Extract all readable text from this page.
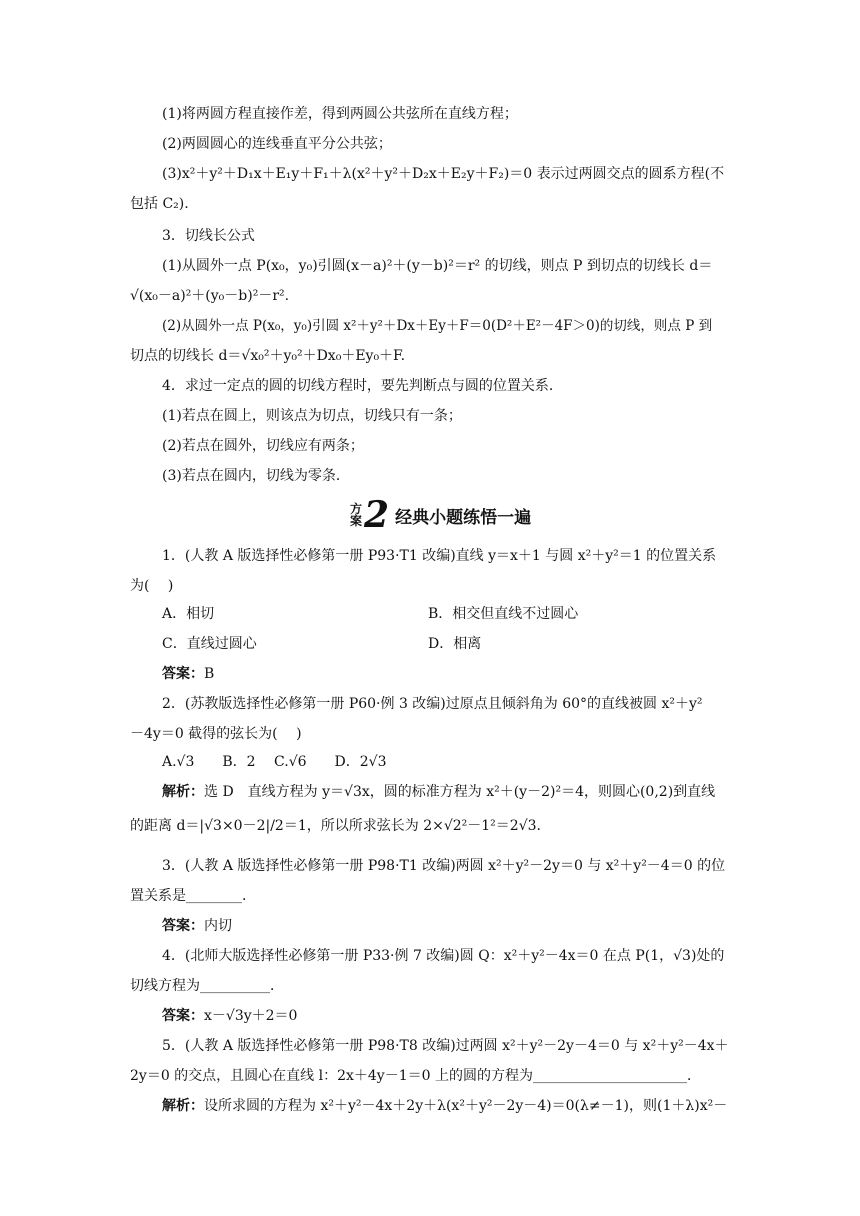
(1)将两圆方程直接作差，得到两圆公共弦所在直线方程；
(2)两圆圆心的连线垂直平分公共弦；
(3)x²＋y²＋D₁x＋E₁y＋F₁＋λ(x²＋y²＋D₂x＋E₂y＋F₂)＝0 表示过两圆交点的圆系方程(不
包括 C₂).
3．切线长公式
(1)从圆外一点 P(x₀，y₀)引圆(x－a)²＋(y－b)²＝r² 的切线，则点 P 到切点的切线长 d＝
√(x₀－a)²＋(y₀－b)²－r².
(2)从圆外一点 P(x₀，y₀)引圆 x²＋y²＋Dx＋Ey＋F＝0(D²＋E²－4F＞0)的切线，则点 P 到
切点的切线长 d＝√x₀²＋y₀²＋Dx₀＋Ey₀＋F.
4．求过一定点的圆的切线方程时，要先判断点与圆的位置关系．
(1)若点在圆上，则该点为切点，切线只有一条；
(2)若点在圆外，切线应有两条；
(3)若点在圆内，切线为零条．
方
案 2 经典小题练悟一遍
1．(人教 A 版选择性必修第一册 P93·T1 改编)直线 y＝x＋1 与圆 x²＋y²＝1 的位置关系
为(　 )
A．相切	B．相交但直线不过圆心
C．直线过圆心	D．相离
答案：B
2．(苏教版选择性必修第一册 P60·例 3 改编)过原点且倾斜角为 60°的直线被圆 x²＋y²
－4y＝0 截得的弦长为(　 )
A.√3　　B．2　 C.√6　　D．2√3
解析：选 D　直线方程为 y＝√3x，圆的标准方程为 x²＋(y－2)²＝4，则圆心(0,2)到直线
的距离 d＝|√3×0－2|/2＝1，所以所求弦长为 2×√2²－1²＝2√3.
3．(人教 A 版选择性必修第一册 P98·T1 改编)两圆 x²＋y²－2y＝0 与 x²＋y²－4＝0 的位
置关系是________．
答案：内切
4．(北师大版选择性必修第一册 P33·例 7 改编)圆 Q：x²＋y²－4x＝0 在点 P(1，√3)处的
切线方程为__________．
答案：x－√3y＋2＝0
5．(人教 A 版选择性必修第一册 P98·T8 改编)过两圆 x²＋y²－2y－4＝0 与 x²＋y²－4x＋
2y＝0 的交点，且圆心在直线 l：2x＋4y－1＝0 上的圆的方程为______________________．
解析：设所求圆的方程为 x²＋y²－4x＋2y＋λ(x²＋y²－2y－4)＝0(λ≠－1)，则(1＋λ)x²－
